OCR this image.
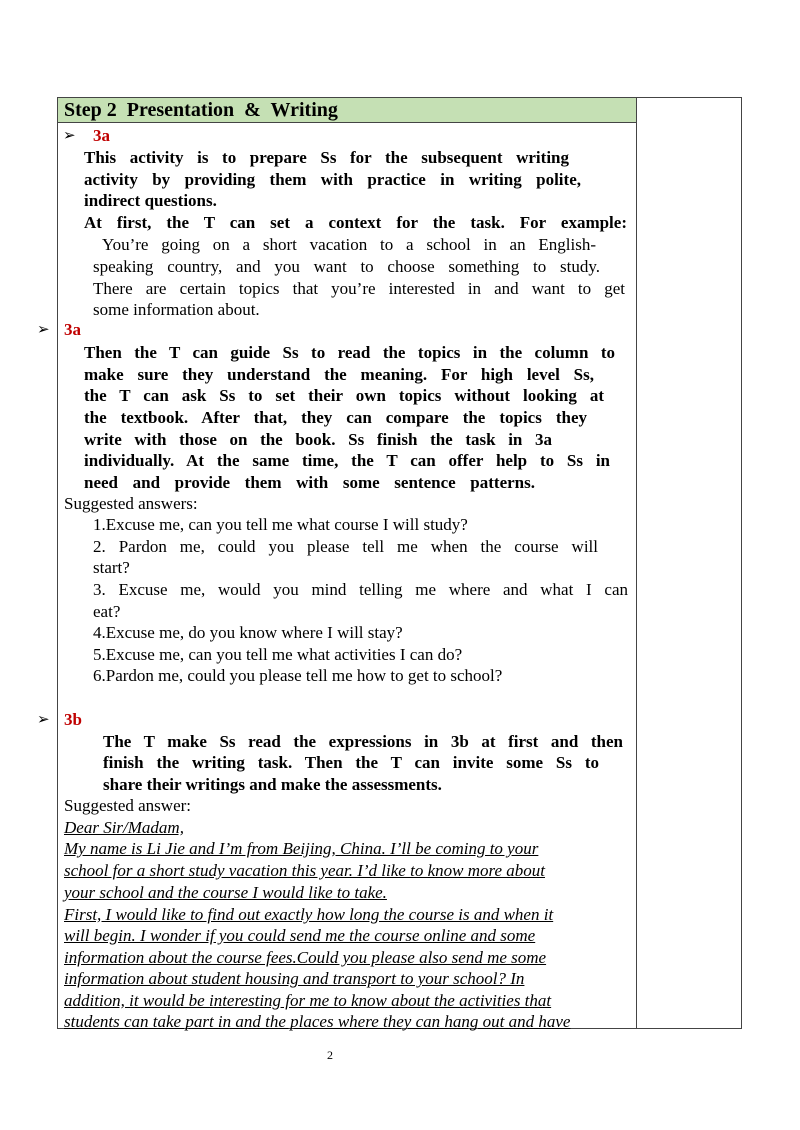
Step 2  Presentation  &  Writing
➢ 3a
This activity is to prepare Ss for the subsequent writing
activity by providing them with practice in writing polite,
indirect questions.
At first, the T can set a context for the task. For example:
You’re going on a short vacation to a school in an English-
speaking country, and you want to choose something to study.
There are certain topics that you’re interested in and want to get
some information about.
➢ 3a
Then the T can guide Ss to read the topics in the column to
make sure they understand the meaning. For high level Ss,
the T can ask Ss to set their own topics without looking at
the textbook. After that, they can compare the topics they
write with those on the book. Ss finish the task in 3a
individually. At the same time, the T can offer help to Ss in
need and provide them with some sentence patterns.
Suggested answers:
1.Excuse me, can you tell me what course I will study?
2. Pardon me, could you please tell me when the course will
start?
3. Excuse me, would you mind telling me where and what I can
eat?
4.Excuse me, do you know where I will stay?
5.Excuse me, can you tell me what activities I can do?
6.Pardon me, could you please tell me how to get to school?
➢ 3b
The T make Ss read the expressions in 3b at first and then
finish the writing task. Then the T can invite some Ss to
share their writings and make the assessments.
Suggested answer:
Dear Sir/Madam,
My name is Li Jie and I’m from Beijing, China. I’ll be coming to your
school for a short study vacation this year. I’d like to know more about
your school and the course I would like to take.
First, I would like to find out exactly how long the course is and when it
will begin. I wonder if you could send me the course online and some
information about the course fees.Could you please also send me some
information about student housing and transport to your school? In
addition, it would be interesting for me to know about the activities that
students can take part in and the places where they can hang out and have
2
